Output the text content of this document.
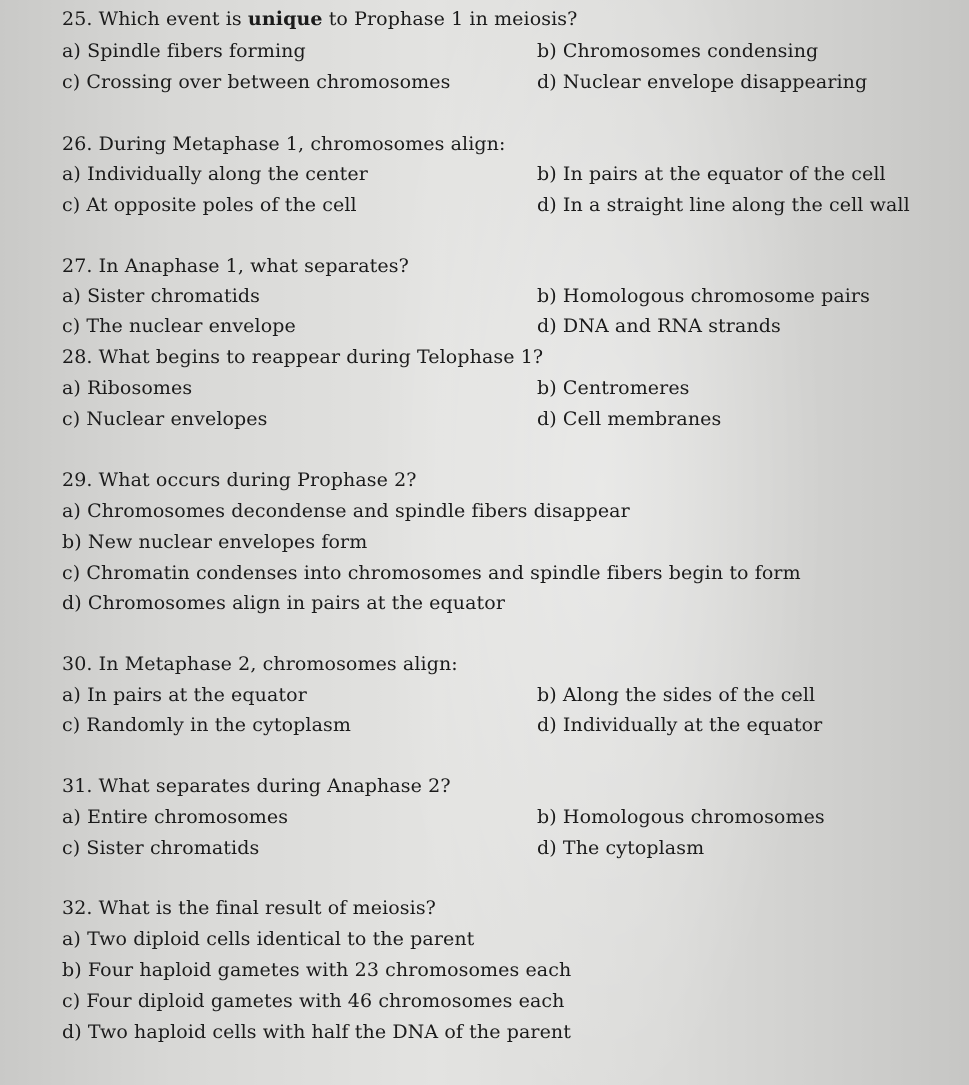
25. Which event is unique to Prophase 1 in meiosis?
a) Spindle fibers forming	b) Chromosomes condensing
c) Crossing over between chromosomes	d) Nuclear envelope disappearing
26. During Metaphase 1, chromosomes align:
a) Individually along the center	b) In pairs at the equator of the cell
c) At opposite poles of the cell	d) In a straight line along the cell wall
27. In Anaphase 1, what separates?
a) Sister chromatids	b) Homologous chromosome pairs
c) The nuclear envelope	d) DNA and RNA strands
28. What begins to reappear during Telophase 1?
a) Ribosomes	b) Centromeres
c) Nuclear envelopes	d) Cell membranes
29. What occurs during Prophase 2?
a) Chromosomes decondense and spindle fibers disappear
b) New nuclear envelopes form
c) Chromatin condenses into chromosomes and spindle fibers begin to form
d) Chromosomes align in pairs at the equator
30. In Metaphase 2, chromosomes align:
a) In pairs at the equator	b) Along the sides of the cell
c) Randomly in the cytoplasm	d) Individually at the equator
31. What separates during Anaphase 2?
a) Entire chromosomes	b) Homologous chromosomes
c) Sister chromatids	d) The cytoplasm
32. What is the final result of meiosis?
a) Two diploid cells identical to the parent
b) Four haploid gametes with 23 chromosomes each
c) Four diploid gametes with 46 chromosomes each
d) Two haploid cells with half the DNA of the parent
